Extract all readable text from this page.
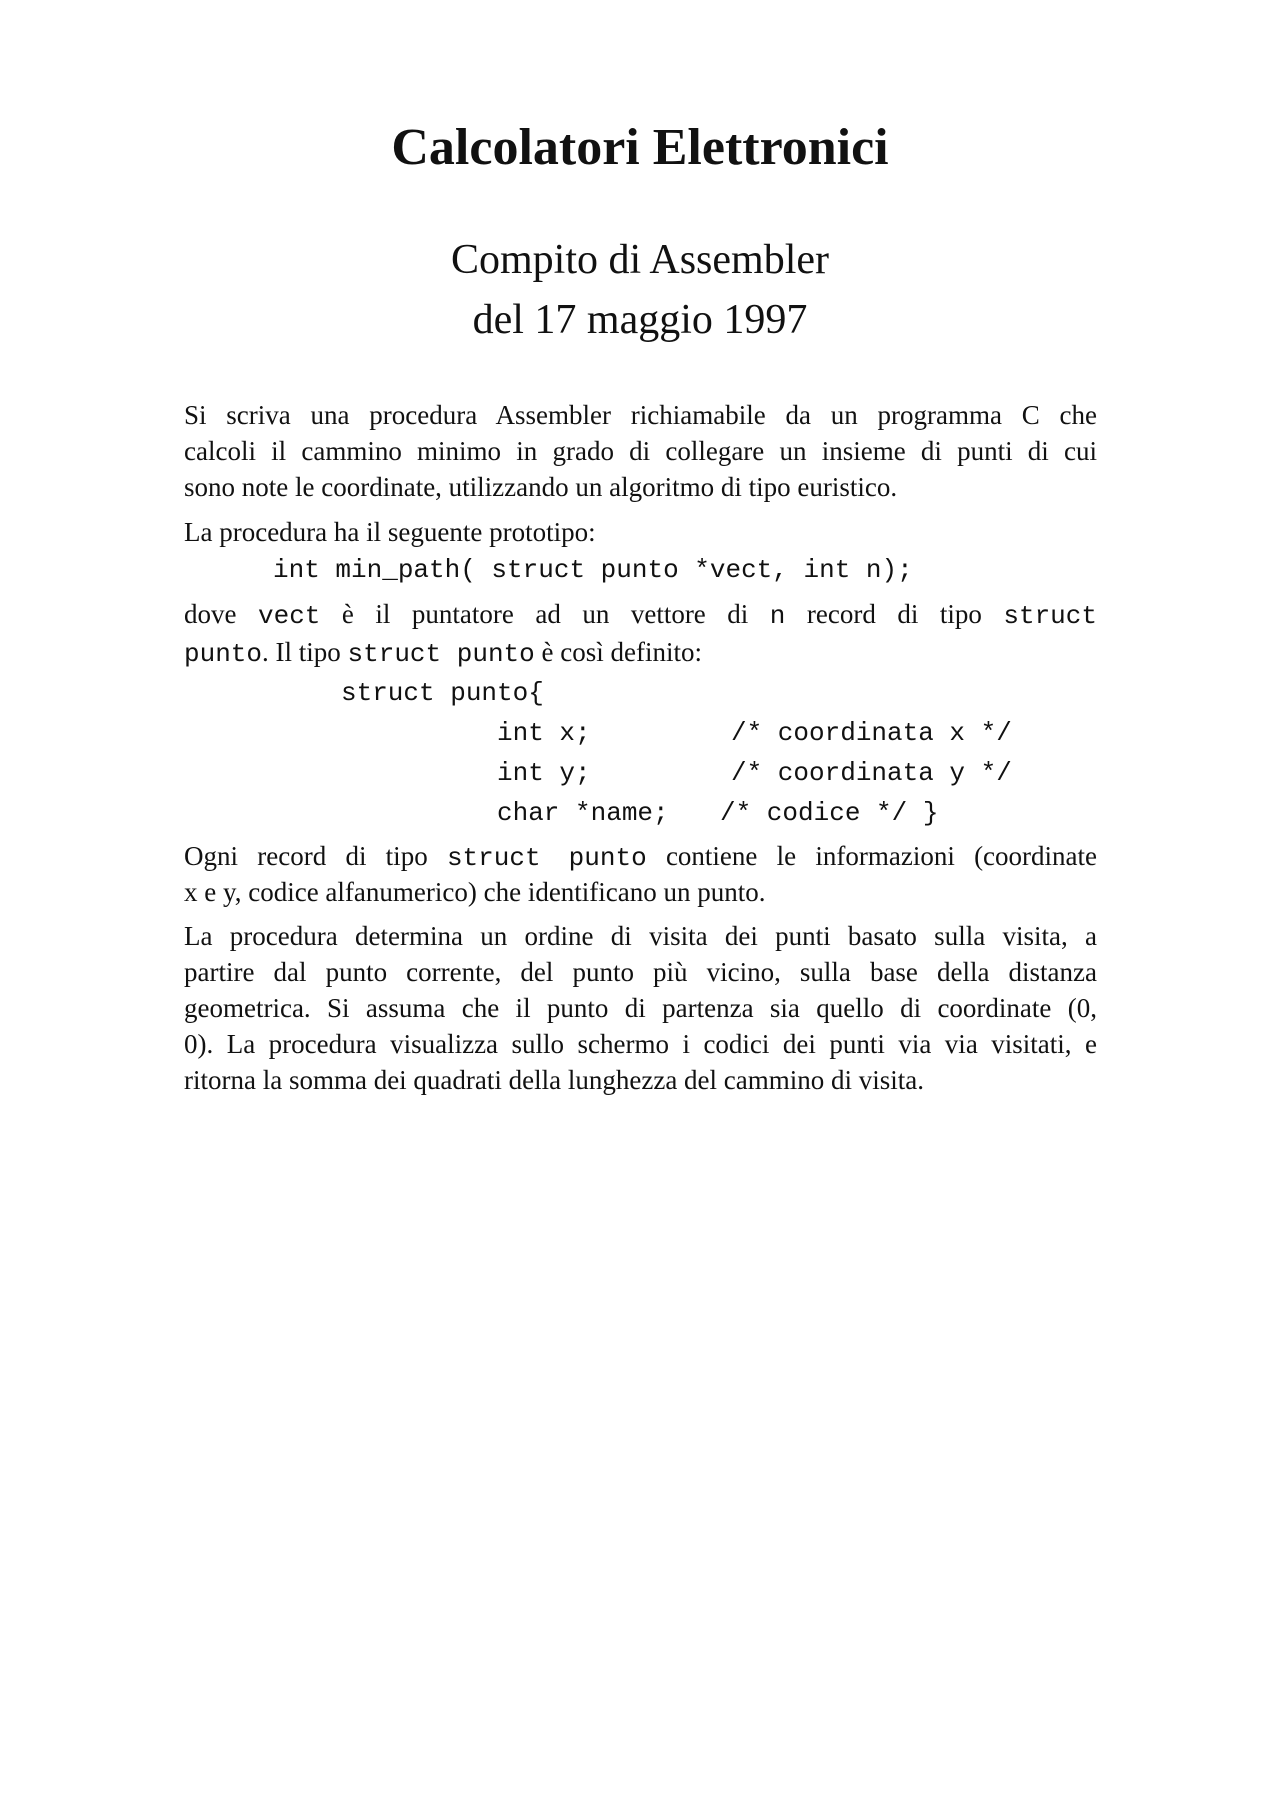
Calcolatori Elettronici
Compito di Assembler
del 17 maggio 1997
Si scriva una procedura Assembler richiamabile da un programma C che
calcoli il cammino minimo in grado di collegare un insieme di punti di cui
sono note le coordinate, utilizzando un algoritmo di tipo euristico.
La procedura ha il seguente prototipo:
int min_path( struct punto *vect, int n);
dove vect è il puntatore ad un vettore di n record di tipo struct
punto. Il tipo struct punto è così definito:
struct punto{
int x;	/* coordinata x */
int y;	/* coordinata y */
char *name; /* codice */ }
Ogni record di tipo struct punto contiene le informazioni (coordinate
x e y, codice alfanumerico) che identificano un punto.
La procedura determina un ordine di visita dei punti basato sulla visita, a
partire dal punto corrente, del punto più vicino, sulla base della distanza
geometrica. Si assuma che il punto di partenza sia quello di coordinate (0,
0). La procedura visualizza sullo schermo i codici dei punti via via visitati, e
ritorna la somma dei quadrati della lunghezza del cammino di visita.
